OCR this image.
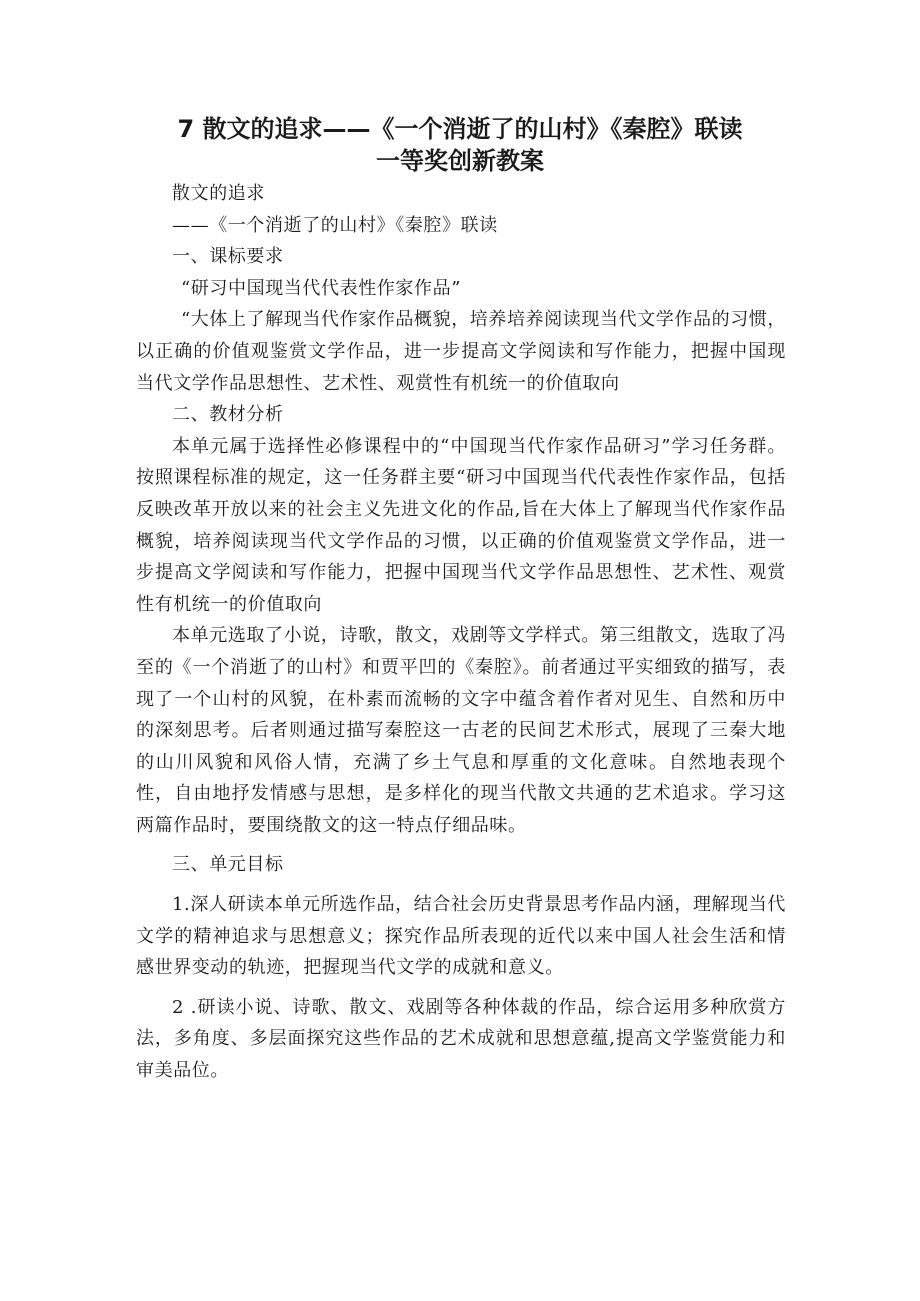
7 散文的追求——《一个消逝了的山村》《秦腔》联读
一等奖创新教案

散文的追求

——《一个消逝了的山村》《秦腔》联读

一、课标要求

“研习中国现当代代表性作家作品”

“大体上了解现当代作家作品概貌，培养培养阅读现当代文学作品的习惯，以正确的价值观鉴赏文学作品，进一步提高文学阅读和写作能力，把握中国现当代文学作品思想性、艺术性、观赏性有机统一的价值取向

二、教材分析

本单元属于选择性必修课程中的“中国现当代作家作品研习”学习任务群。按照课程标准的规定，这一任务群主要“研习中国现当代代表性作家作品，包括反映改革开放以来的社会主义先进文化的作品,旨在大体上了解现当代作家作品概貌，培养阅读现当代文学作品的习惯，以正确的价值观鉴赏文学作品，进一步提高文学阅读和写作能力，把握中国现当代文学作品思想性、艺术性、观赏性有机统一的价值取向

本单元选取了小说，诗歌，散文，戏剧等文学样式。第三组散文，选取了冯至的《一个消逝了的山村》和贾平凹的《秦腔》。前者通过平实细致的描写，表现了一个山村的风貌，在朴素而流畅的文字中蕴含着作者对见生、自然和历中的深刻思考。后者则通过描写秦腔这一古老的民间艺术形式，展现了三秦大地的山川风貌和风俗人情，充满了乡土气息和厚重的文化意味。自然地表现个性，自由地抒发情感与思想，是多样化的现当代散文共通的艺术追求。学习这两篇作品时，要围绕散文的这一特点仔细品味。

三、单元目标

1.深人研读本单元所选作品，结合社会历史背景思考作品内涵，理解现当代文学的精神追求与思想意义；探究作品所表现的近代以来中国人社会生活和情感世界变动的轨迹，把握现当代文学的成就和意义。

2 .研读小说、诗歌、散文、戏剧等各种体裁的作品，综合运用多种欣赏方法，多角度、多层面探究这些作品的艺术成就和思想意蕴,提高文学鉴赏能力和审美品位。
